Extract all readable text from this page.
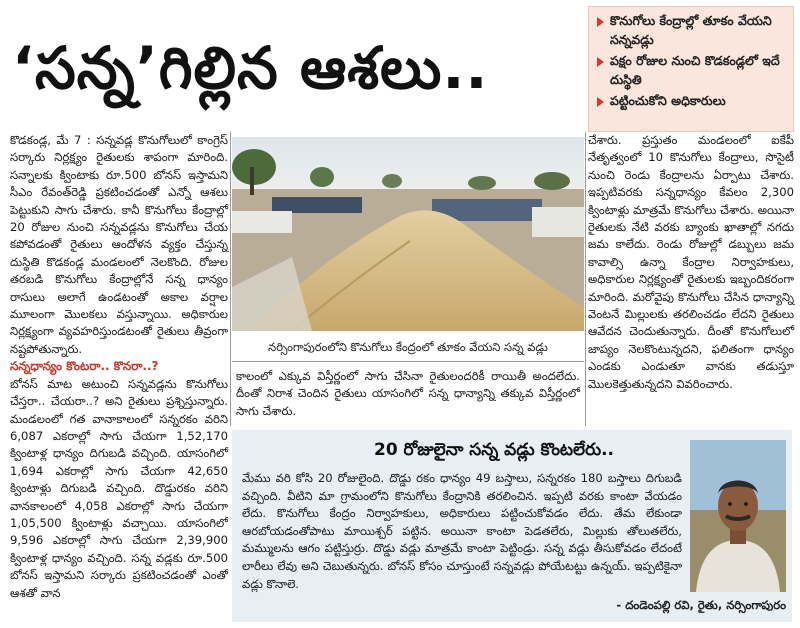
‘సన్న’గిల్లిన ఆశలు..
కొనుగోలు కేంద్రాల్లో తూకం వేయని సన్నవడ్లు
పక్షం రోజుల నుంచి కొడకండ్లలో ఇదే దుస్థితి
పట్టించుకోని అధికారులు

కొడకండ్ల, మే 7 : సన్నవడ్ల కొనుగోలులో కాంగ్రెస్‌ సర్కారు నిర్లక్ష్యం రైతులకు శాపంగా మారింది. సన్నాలకు క్వింటాకు రూ.500 బోనస్‌ ఇస్తామని సీఎం రేవంత్‌రెడ్డి ప్రకటించడంతో ఎన్నో ఆశలు పెట్టుకుని సాగు చేశారు. కానీ కొనుగోలు కేంద్రాల్లో 20 రోజుల నుంచి సన్నవడ్లను కొనుగోలు చేయ కపోవడంతో రైతులు ఆందోళన వ్యక్తం చేస్తున్న దుస్థితి కొడకండ్ల మండలంలో నెలకొంది. రోజుల తరబడి కొనుగోలు కేంద్రాల్లోనే సన్న ధాన్యం రాసులు అలాగే ఉండటంతో అకాల వర్షాల మూలంగా మొలకలు వస్తున్నాయి. అధికారుల నిర్లక్ష్యంగా వ్యవహరిస్తుండటంతో రైతులు తీవ్రంగా నష్టపోతున్నారు.

సన్నధాన్యం కొంటరా.. కొనరా..?

బోనస్‌ మాట అటుంచి సన్నవడ్లను కొనుగోలు చేస్తరా.. చేయరా..? అని రైతులు ప్రశ్నిస్తున్నారు. మండలంలో గత వానాకాలంలో సన్నరకం వరిని 6,087 ఎకరాల్లో సాగు చేయగా 1,52,170 క్వింటాళ్ల ధాన్యం దిగుబడి వచ్చింది. యాసంగిలో 1,694 ఎకరాల్లో సాగు చేయగా 42,650 క్వింటాళ్లు దిగుబడి వచ్చింది. దొడ్డురకం వరిని వానకాలంలో 4,058 ఎకరాల్లో సాగు చేయగా 1,05,500 క్వింటాళ్లు వచ్చాయి. యాసంగిలో 9,596 ఎకరాల్లో సాగు చేయగా 2,39,900 క్వింటాళ్ల ధాన్యం వచ్చింది. సన్న వడ్లకు రూ.500 బోనస్‌ ఇస్తామని సర్కారు ప్రకటించడంతో ఎంతో ఆశతో వాన

నర్సింగాపురంలోని కొనుగోలు కేంద్రంలో తూకం వేయని సన్న వడ్లు

కాలంలో ఎక్కువ విస్తీర్ణంలో సాగు చేసినా రైతులందరికీ రాయితీ అందలేదు. దీంతో నిరాశ చెందిన రైతులు యాసంగిలో సన్న ధాన్యాన్ని తక్కువ విస్తీర్ణంలో సాగు చేశారు.

చేశారు. ప్రస్తుతం మండలంలో ఐకేపీ నేతృత్వంలో 10 కొనుగోలు కేంద్రాలు, సొసైటీ నుంచి రెండు కేంద్రాలను ఏర్పాటు చేశారు. ఇప్పటివరకు సన్నధాన్యం కేవలం 2,300 క్వింటాళ్లు మాత్రమే కొనుగోలు చేశారు. అయినా రైతులకు నేటి వరకు బ్యాంకు ఖాతాల్లో నగదు జమ కాలేదు. రెండు రోజుల్లో డబ్బులు జమ కావాల్సి ఉన్నా కేంద్రాల నిర్వాహకులు, అధికారుల నిర్లక్ష్యంతో రైతులకు ఇబ్బందికరంగా మారింది. మరోవైపు కొనుగోలు చేసిన ధాన్యాన్ని వెంటనే మిల్లులకు తరలించడం లేదని రైతులు ఆవేదన చెందుతున్నారు. దీంతో కొనుగోలులో జాప్యం నెలకొంటున్నదని, ఫలితంగా ధాన్యం ఎండకు ఎండుతూ వానకు తడుస్తూ మొలకెత్తుతున్నదని వివరించారు.

20 రోజులైనా సన్న వడ్లు కొంటలేరు..

మేము వరి కోసి 20 రోజులైంది. దొడ్డు రకం ధాన్యం 49 బస్తాలు, సన్నరకం 180 బస్తాలు దిగుబడి వచ్చింది. వీటిని మా గ్రామంలోని కొనుగోలు కేంద్రానికి తరలించిన. ఇప్పటి వరకు కాంటా వేయడం లేదు. కొనుగోలు కేంద్రం నిర్వాహకులు, అధికారులు పట్టించుకోవడం లేదు. తేమ లేకుండా ఆరబోయడంతోపాటు మాయిశ్చర్‌ పట్టిన. అయినా కాంటా పెడతలేరు, మిల్లుకు తోలుతలేరు, మమ్ములను ఆగం పట్టిస్తుర్రు. దొడ్డు వడ్లు మాత్రమే కాంటా పెట్టిండ్రు. సన్న వడ్లు తీసుకోవడం లేదంటే లారీలు లేవు అని చెబుతున్నరు. బోనస్‌ కోసం చూస్తుంటే సన్నవడ్లు పోయేటట్టు ఉన్నయ్‌. ఇప్పటికైనా వడ్లు కొనాలె.

- దండెంపల్లి రవి, రైతు, నర్సింగాపురం
